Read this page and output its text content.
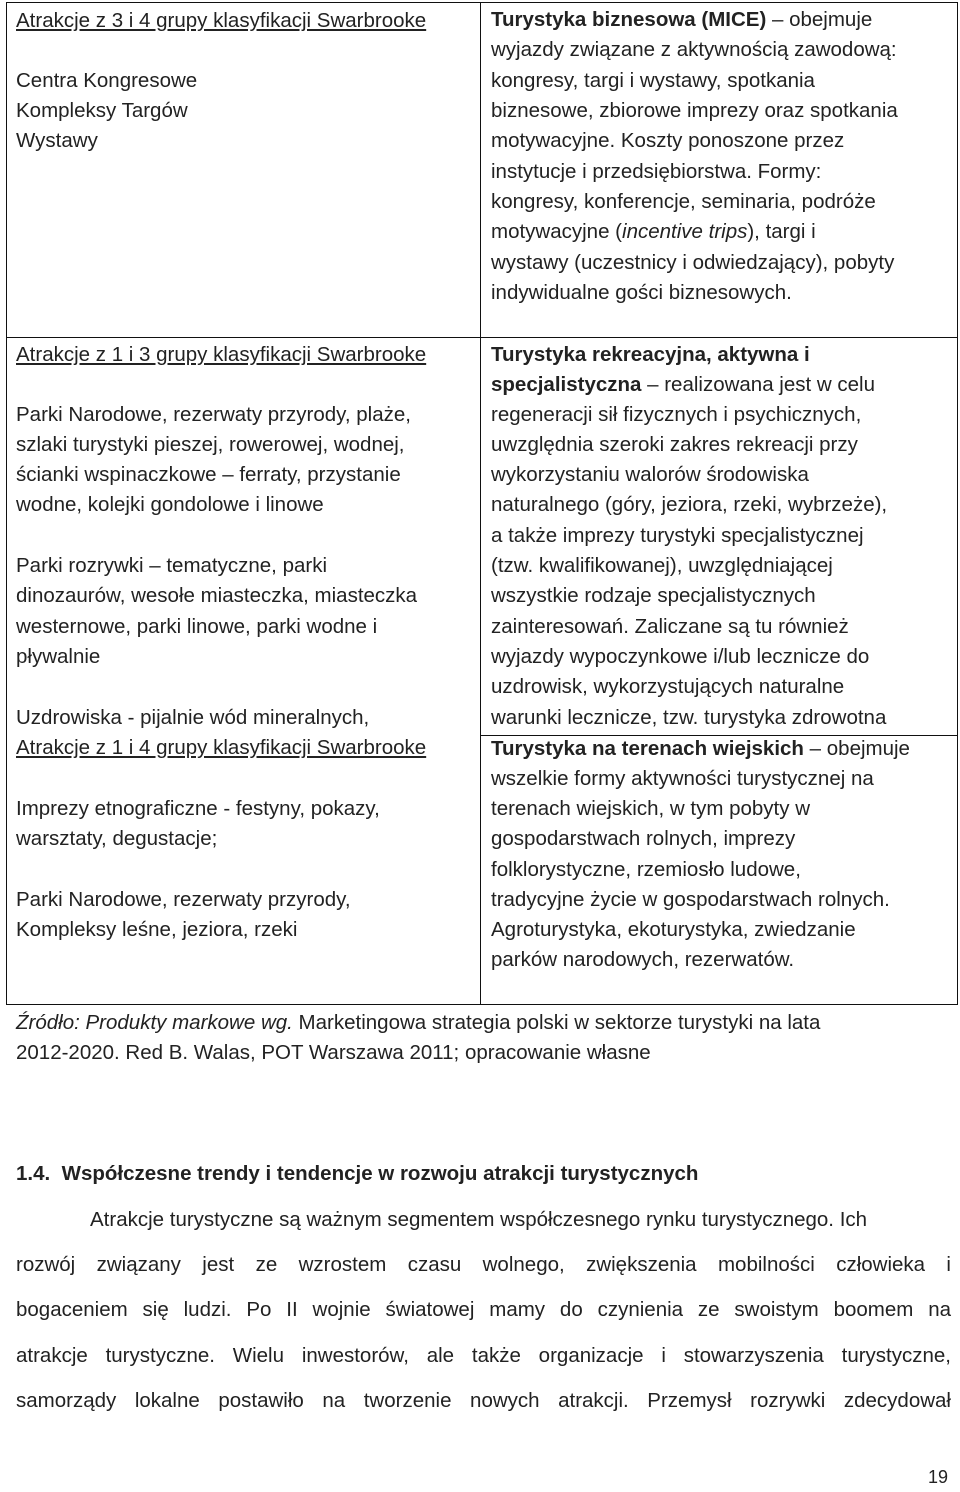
Atrakcje z 3 i 4 grupy klasyfikacji Swarbrooke
Centra Kongresowe
Kompleksy Targów
Wystawy
Atrakcje z 1 i 3 grupy klasyfikacji Swarbrooke
Parki Narodowe, rezerwaty przyrody, plaże,
szlaki turystyki pieszej, rowerowej, wodnej,
ścianki wspinaczkowe – ferraty, przystanie
wodne, kolejki gondolowe i linowe
Parki rozrywki – tematyczne, parki
dinozaurów, wesołe miasteczka, miasteczka
westernowe, parki linowe, parki wodne i
pływalnie
Uzdrowiska - pijalnie wód mineralnych,
Atrakcje z 1 i 4 grupy klasyfikacji Swarbrooke
Imprezy etnograficzne - festyny, pokazy,
warsztaty, degustacje;
Parki Narodowe, rezerwaty przyrody,
Kompleksy leśne, jeziora, rzeki
Turystyka biznesowa (MICE) – obejmuje
wyjazdy związane z aktywnością zawodową:
kongresy, targi i wystawy, spotkania
biznesowe, zbiorowe imprezy oraz spotkania
motywacyjne. Koszty ponoszone przez
instytucje i przedsiębiorstwa. Formy:
kongresy, konferencje, seminaria, podróże
motywacyjne (incentive trips), targi i
wystawy (uczestnicy i odwiedzający), pobyty
indywidualne gości biznesowych.
Turystyka rekreacyjna, aktywna i
specjalistyczna – realizowana jest w celu
regeneracji sił fizycznych i psychicznych,
uwzględnia szeroki zakres rekreacji przy
wykorzystaniu walorów środowiska
naturalnego (góry, jeziora, rzeki, wybrzeże),
a także imprezy turystyki specjalistycznej
(tzw. kwalifikowanej), uwzględniającej
wszystkie rodzaje specjalistycznych
zainteresowań. Zaliczane są tu również
wyjazdy wypoczynkowe i/lub lecznicze do
uzdrowisk, wykorzystujących naturalne
warunki lecznicze, tzw. turystyka zdrowotna
Turystyka na terenach wiejskich – obejmuje
wszelkie formy aktywności turystycznej na
terenach wiejskich, w tym pobyty w
gospodarstwach rolnych, imprezy
folklorystyczne, rzemiosło ludowe,
tradycyjne życie w gospodarstwach rolnych.
Agroturystyka, ekoturystyka, zwiedzanie
parków narodowych, rezerwatów.
Źródło: Produkty markowe wg. Marketingowa strategia polski w sektorze turystyki na lata
2012-2020. Red B. Walas, POT Warszawa 2011; opracowanie własne
1.4. Współczesne trendy i tendencje w rozwoju atrakcji turystycznych
Atrakcje turystyczne są ważnym segmentem współczesnego rynku turystycznego. Ich
rozwój związany jest ze wzrostem czasu wolnego, zwiększenia mobilności człowieka i
bogaceniem się ludzi. Po II wojnie światowej mamy do czynienia ze swoistym boomem na
atrakcje turystyczne. Wielu inwestorów, ale także organizacje i stowarzyszenia turystyczne,
samorządy lokalne postawiło na tworzenie nowych atrakcji. Przemysł rozrywki zdecydował
19
